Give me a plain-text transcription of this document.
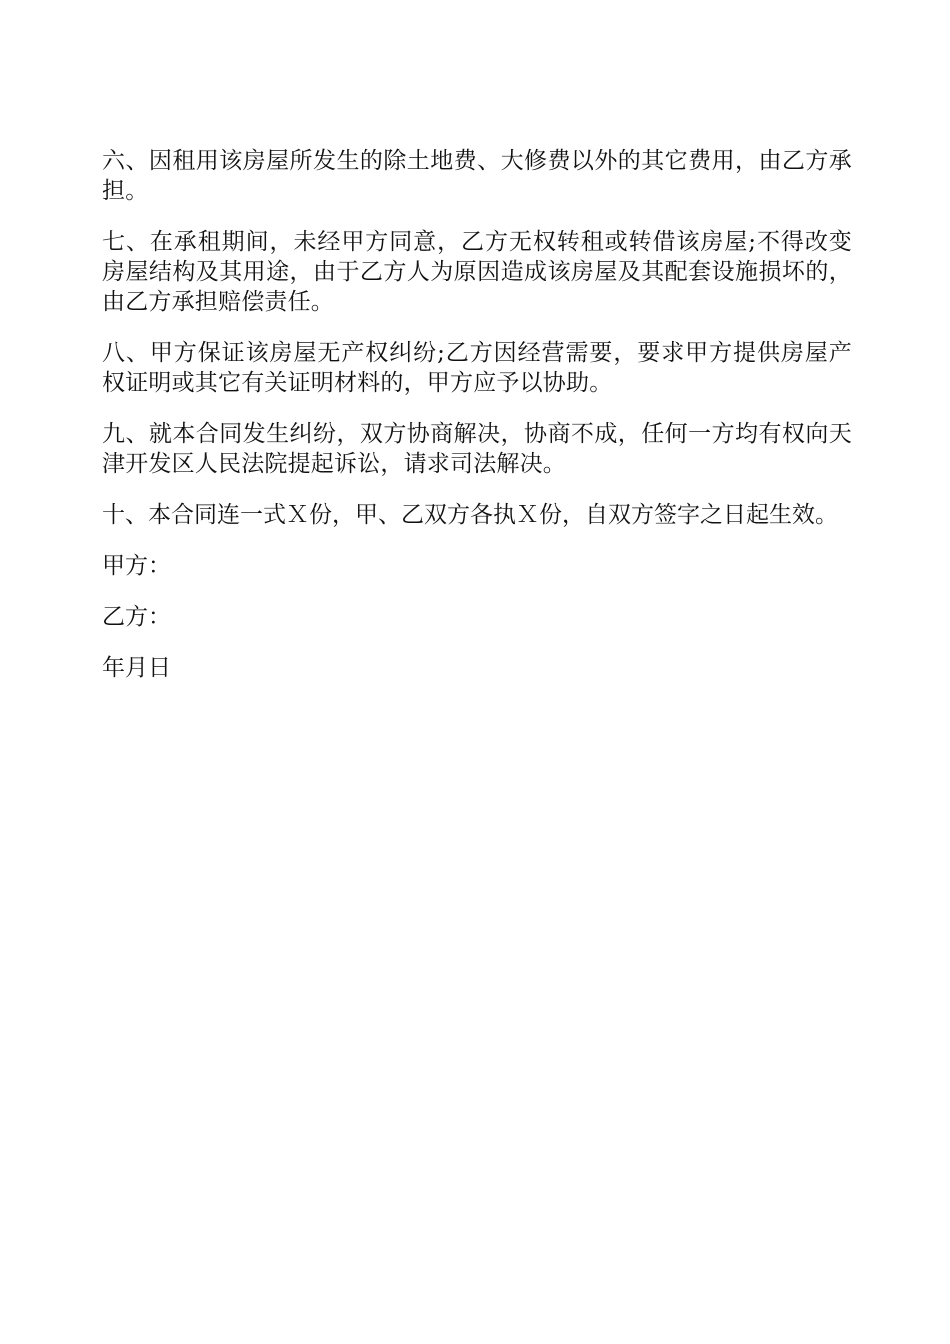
六、因租用该房屋所发生的除土地费、大修费以外的其它费用，由乙方承担。

七、在承租期间，未经甲方同意，乙方无权转租或转借该房屋;不得改变房屋结构及其用途，由于乙方人为原因造成该房屋及其配套设施损坏的，由乙方承担赔偿责任。

八、甲方保证该房屋无产权纠纷;乙方因经营需要，要求甲方提供房屋产权证明或其它有关证明材料的，甲方应予以协助。

九、就本合同发生纠纷，双方协商解决，协商不成，任何一方均有权向天津开发区人民法院提起诉讼，请求司法解决。

十、本合同连一式Ｘ份，甲、乙双方各执Ｘ份，自双方签字之日起生效。

甲方：

乙方：

年月日
